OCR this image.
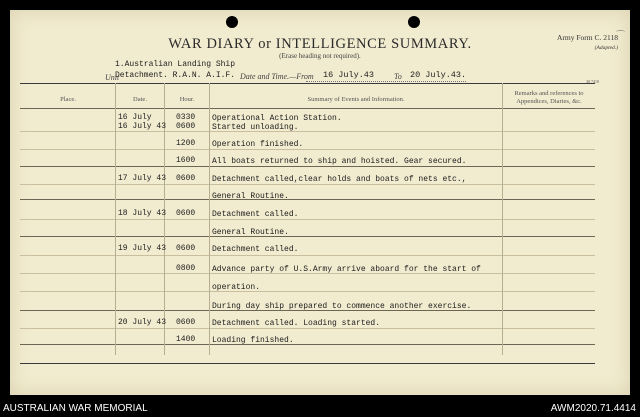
WAR DIARY or INTELLIGENCE SUMMARY.
(Erase heading not required).
Army Form C. 2118
(Adapted.)
⌒
Unit
1.Australian Landing Ship
Detachment. R.A.N. A.I.F. Date and Time.—From 16 July.43 To 20 July.43.
30 7410
Place.	Date.	Hour.	Summary of Events and Information.
Remarks and references to Appendices, Diaries, &c.
16 July	0330 Operational Action Station.
16 July 43 0600 Started unloading.
1200 Operation finished.
1600 All boats returned to ship and hoisted. Gear secured.
17 July 43 0600 Detachment called,clear holds and boats of nets etc.,
General Routine.
18 July 43 0600 Detachment called.
General Routine.
19 July 43 0600 Detachment called.
0800 Advance party of U.S.Army arrive aboard for the start of
operation.
During day ship prepared to commence another exercise.
20 July 43 0600 Detachment called. Loading started.
1400 Loading finished.
AUSTRALIAN WAR MEMORIAL	AWM2020.71.4414
